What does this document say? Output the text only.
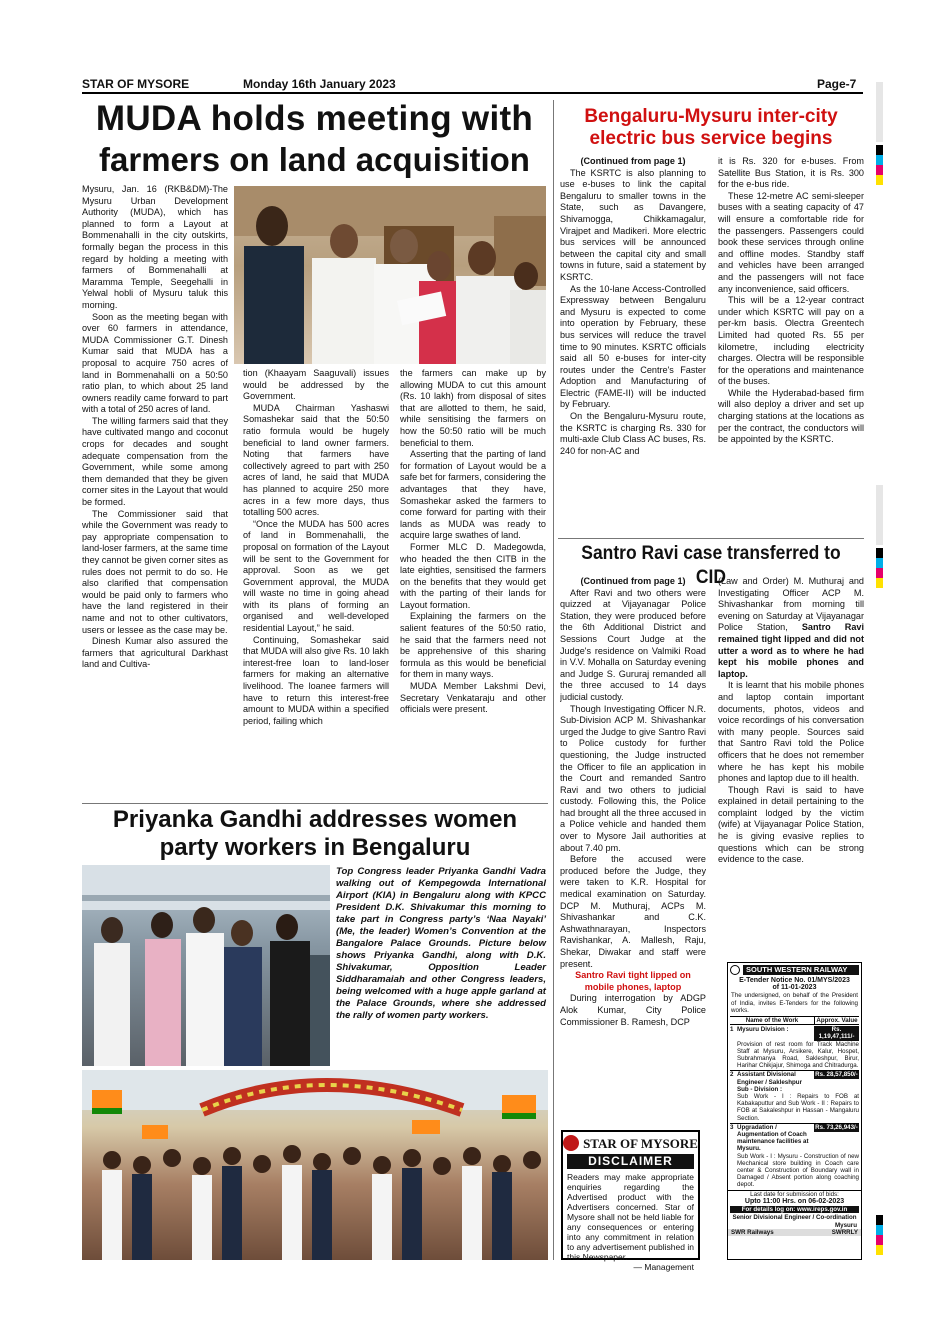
STAR OF MYSORE	Monday 16th January 2023	Page-7
MUDA holds meeting with
farmers on land acquisition

Mysuru, Jan. 16 (RKB&DM)-The Mysuru Urban Development Authority (MUDA), which has planned to form a Layout at Bommenahalli in the city outskirts, formally began the process in this regard by holding a meeting with farmers of Bommenahalli at Maramma Temple, Seegehalli in Yelwal hobli of Mysuru taluk this morning.

Soon as the meeting began with over 60 farmers in attendance, MUDA Commissioner G.T. Dinesh Kumar said that MUDA has a proposal to acquire 750 acres of land in Bommenahalli on a 50:50 ratio plan, to which about 25 land owners readily came forward to part with a total of 250 acres of land.

The willing farmers said that they have cultivated mango and coconut crops for decades and sought adequate compensation from the Government, while some among them demanded that they be given corner sites in the Layout that would be formed.

The Commissioner said that while the Government was ready to pay appropriate compensation to land-loser farmers, at the same time they cannot be given corner sites as rules does not permit to do so. He also clarified that compensation would be paid only to farmers who have the land registered in their name and not to other cultivators, users or lessee as the case may be.

Dinesh Kumar also assured the farmers that agricultural Darkhast land and Cultiva-

tion (Khaayam Saaguvali) issues would be addressed by the Government.

MUDA Chairman Yashaswi Somashekar said that the 50:50 ratio formula would be hugely beneficial to land owner farmers. Noting that farmers have collectively agreed to part with 250 acres of land, he said that MUDA has planned to acquire 250 more acres in a few more days, thus totalling 500 acres.

“Once the MUDA has 500 acres of land in Bommenahalli, the proposal on formation of the Layout will be sent to the Government for approval. Soon as we get Government approval, the MUDA will waste no time in going ahead with its plans of forming an organised and well-developed residential Layout,” he said.

Continuing, Somashekar said that MUDA will also give Rs. 10 lakh interest-free loan to land-loser farmers for making an alternative livelihood. The loanee farmers will have to return this interest-free amount to MUDA within a specified period, failing which

the farmers can make up by allowing MUDA to cut this amount (Rs. 10 lakh) from disposal of sites that are allotted to them, he said, while sensitising the farmers on how the 50:50 ratio will be much beneficial to them.

Asserting that the parting of land for formation of Layout would be a safe bet for farmers, considering the advantages that they have, Somashekar asked the farmers to come forward for parting with their lands as MUDA was ready to acquire large swathes of land.

Former MLC D. Madegowda, who headed the then CITB in the late eighties, sensitised the farmers on the benefits that they would get with the parting of their lands for Layout formation.

Explaining the farmers on the salient features of the 50:50 ratio, he said that the farmers need not be apprehensive of this sharing formula as this would be beneficial for them in many ways.

MUDA Member Lakshmi Devi, Secretary Venkataraju and other officials were present.

Bengaluru-Mysuru inter-city
electric bus service begins

(Continued from page 1)

The KSRTC is also planning to use e-buses to link the capital Bengaluru to smaller towns in the State, such as Davangere, Shivamogga, Chikkamagalur, Virajpet and Madikeri. More electric bus services will be announced between the capital city and small towns in future, said a statement by KSRTC.

As the 10-lane Access-Controlled Expressway between Bengaluru and Mysuru is expected to come into operation by February, these bus services will reduce the travel time to 90 minutes. KSRTC officials said all 50 e-buses for inter-city routes under the Centre's Faster Adoption and Manufacturing of Electric (FAME-II) will be inducted by February.

On the Bengaluru-Mysuru route, the KSRTC is charging Rs. 330 for multi-axle Club Class AC buses, Rs. 240 for non-AC and

it is Rs. 320 for e-buses. From Satellite Bus Station, it is Rs. 300 for the e-bus ride.

These 12-metre AC semi-sleeper buses with a seating capacity of 47 will ensure a comfortable ride for the passengers. Passengers could book these services through online and offline modes. Standby staff and vehicles have been arranged and the passengers will not face any inconvenience, said officers.

This will be a 12-year contract under which KSRTC will pay on a per-km basis. Olectra Greentech Limited had quoted Rs. 55 per kilometre, including electricity charges. Olectra will be responsible for the operations and maintenance of the buses.

While the Hyderabad-based firm will also deploy a driver and set up charging stations at the locations as per the contract, the conductors will be appointed by the KSRTC.

Santro Ravi case transferred to CID

(Continued from page 1)

After Ravi and two others were quizzed at Vijayanagar Police Station, they were produced before the 6th Additional District and Sessions Court Judge at the Judge's residence on Valmiki Road in V.V. Mohalla on Saturday evening and Judge S. Gururaj remanded all the three accused to 14 days judicial custody.

Though Investigating Officer N.R. Sub-Division ACP M. Shivashankar urged the Judge to give Santro Ravi to Police custody for further questioning, the Judge instructed the Officer to file an application in the Court and remanded Santro Ravi and two others to judicial custody. Following this, the Police had brought all the three accused in a Police vehicle and handed them over to Mysore Jail authorities at about 7.40 pm.

Before the accused were produced before the Judge, they were taken to K.R. Hospital for medical examination on Saturday. DCP M. Muthuraj, ACPs M. Shivashankar and C.K. Ashwathnarayan, Inspectors Ravishankar, A. Mallesh, Raju, Shekar, Diwakar and staff were present.

Santro Ravi tight lipped on mobile phones, laptop

During interrogation by ADGP Alok Kumar, City Police Commissioner B. Ramesh, DCP

(Law and Order) M. Muthuraj and Investigating Officer ACP M. Shivashankar from morning till evening on Saturday at Vijayanagar Police Station, Santro Ravi remained tight lipped and did not utter a word as to where he had kept his mobile phones and laptop.

It is learnt that his mobile phones and laptop contain important documents, photos, videos and voice recordings of his conversation with many people. Sources said that Santro Ravi told the Police officers that he does not remember where he has kept his mobile phones and laptop due to ill health.

Though Ravi is said to have explained in detail pertaining to the complaint lodged by the victim (wife) at Vijayanagar Police Station, he is giving evasive replies to questions which can be strong evidence to the case.

Priyanka Gandhi addresses women
party workers in Bengaluru
Top Congress leader Priyanka Gandhi Vadra walking out of Kempegowda International Airport (KIA) in Bengaluru along with KPCC President D.K. Shivakumar this morning to take part in Congress party’s ‘Naa Nayaki’ (Me, the leader) Women’s Convention at the Bangalore Palace Grounds. Picture below shows Priyanka Gandhi, along with D.K. Shivakumar, Opposition Leader Siddharamaiah and other Congress leaders, being welcomed with a huge apple garland at the Palace Grounds, where she addressed the rally of women party workers.
STAR OF MYSORE
DISCLAIMER
Readers may make appropriate enquiries regarding the Advertised product with the Advertisers concerned. Star of Mysore shall not be held liable for any consequences or entering into any commitment in relation to any advertisement published in this Newspaper.
— Management
SOUTH WESTERN RAILWAY
E-Tender Notice No. 01/MYS/2023
of 11-01-2023
The undersigned, on behalf of the President of India, invites E-Tenders for the following works.
Name of the Work	Approx. Value
1 Mysuru Division :	Rs. 1,19,47,111/-
Provision of rest room for Track Machine Staff at Mysuru, Arsikere, Kalur, Hospet, Subrahmanya Road, Sakleshpur, Birur, Harihar Chikjajur, Shimoga and Chitradurga.
2 Assistant Divisional Engineer / Sakleshpur Sub - Division :
Rs. 28,57,850/-
Sub Work - I : Repairs to FOB at Kabakaputtur and Sub Work - II : Repairs to FOB at Sakaleshpur in Hassan - Mangaluru Section.
3 Upgradation / Augmentation of Coach maintenance facilities at Mysuru.
Rs. 73,26,943/-
Sub Work - I : Mysuru - Construction of new Mechanical store building in Coach care center & Construction of Boundary wall in Damaged / Absent portion along coaching depot.
Last date for submission of bids:
Upto 11:00 Hrs. on 06-02-2023
For details log on: www.ireps.gov.in
Senior Divisional Engineer / Co-ordination
Mysuru
SWR Railways	SWRRLY
